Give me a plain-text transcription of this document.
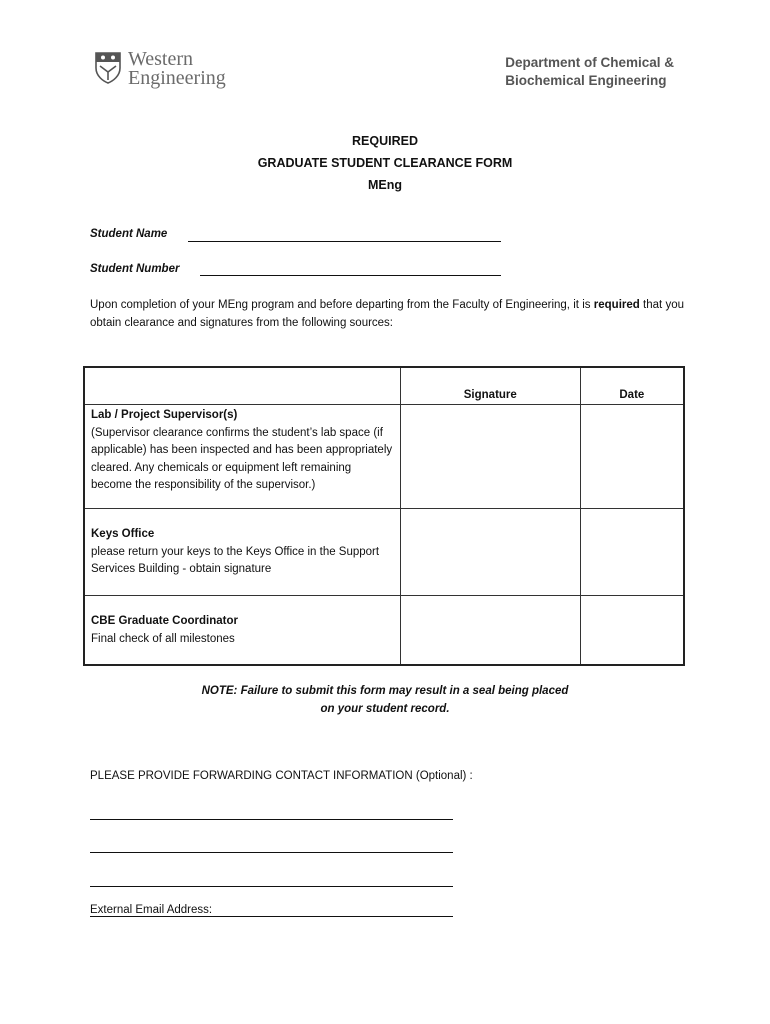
Western
Engineering
Department of Chemical &
Biochemical Engineering
REQUIRED
GRADUATE STUDENT CLEARANCE FORM
MEng
Student Name
Student Number
Upon completion of your MEng program and before departing from the Faculty of Engineering, it is required that you obtain clearance and signatures from the following sources:
	Signature	Date

Lab / Project Supervisor(s)
(Supervisor clearance confirms the student’s lab space (if applicable) has been inspected and has been appropriately cleared. Any chemicals or equipment left remaining become the responsibility of the supervisor.)		

Keys Office
please return your keys to the Keys Office in the Support Services Building - obtain signature		

CBE Graduate Coordinator
Final check of all milestones		

NOTE: Failure to submit this form may result in a seal being placed
on your student record.
PLEASE PROVIDE FORWARDING CONTACT INFORMATION (Optional) :
External Email Address:
